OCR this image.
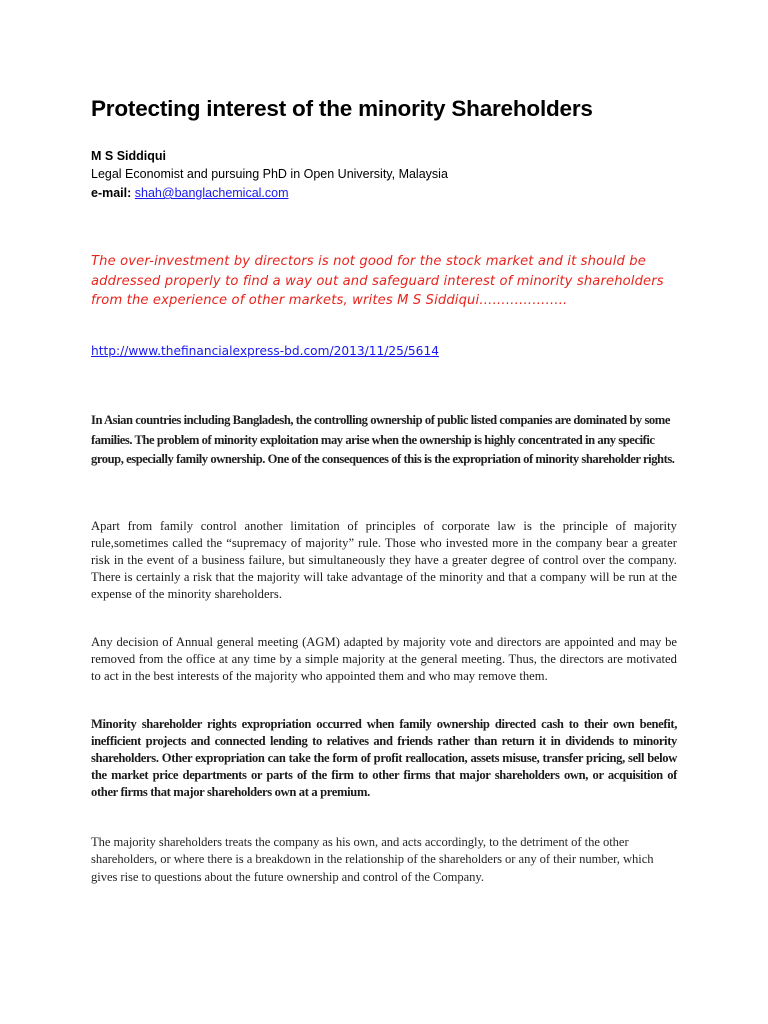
Protecting interest of the minority Shareholders
M S Siddiqui
Legal Economist and pursuing PhD in Open University, Malaysia
e-mail: shah@banglachemical.com

The over-investment by directors is not good for the stock market and it should be addressed properly to find a way out and safeguard interest of minority shareholders from the experience of other markets, writes M S Siddiqui………………..

http://www.thefinancialexpress-bd.com/2013/11/25/5614

In Asian countries including Bangladesh, the controlling ownership of public listed companies are dominated by some families. The problem of minority exploitation may arise when the ownership is highly concentrated in any specific group, especially family ownership. One of the consequences of this is the expropriation of minority shareholder rights.

Apart from family control another limitation of principles of corporate law is the principle of majority rule,sometimes called the “supremacy of majority” rule. Those who invested more in the company bear a greater risk in the event of a business failure, but simultaneously they have a greater degree of control over the company. There is certainly a risk that the majority will take advantage of the minority and that a company will be run at the expense of the minority shareholders.

Any decision of Annual general meeting (AGM) adapted by majority vote and directors are appointed and may be removed from the office at any time by a simple majority at the general meeting. Thus, the directors are motivated to act in the best interests of the majority who appointed them and who may remove them.

Minority shareholder rights expropriation occurred when family ownership directed cash to their own benefit, inefficient projects and connected lending to relatives and friends rather than return it in dividends to minority shareholders. Other expropriation can take the form of profit reallocation, assets misuse, transfer pricing, sell below the market price departments or parts of the firm to other firms that major shareholders own, or acquisition of other firms that major shareholders own at a premium.

The majority shareholders treats the company as his own, and acts accordingly, to the detriment of the other shareholders, or where there is a breakdown in the relationship of the shareholders or any of their number, which gives rise to questions about the future ownership and control of the Company.
